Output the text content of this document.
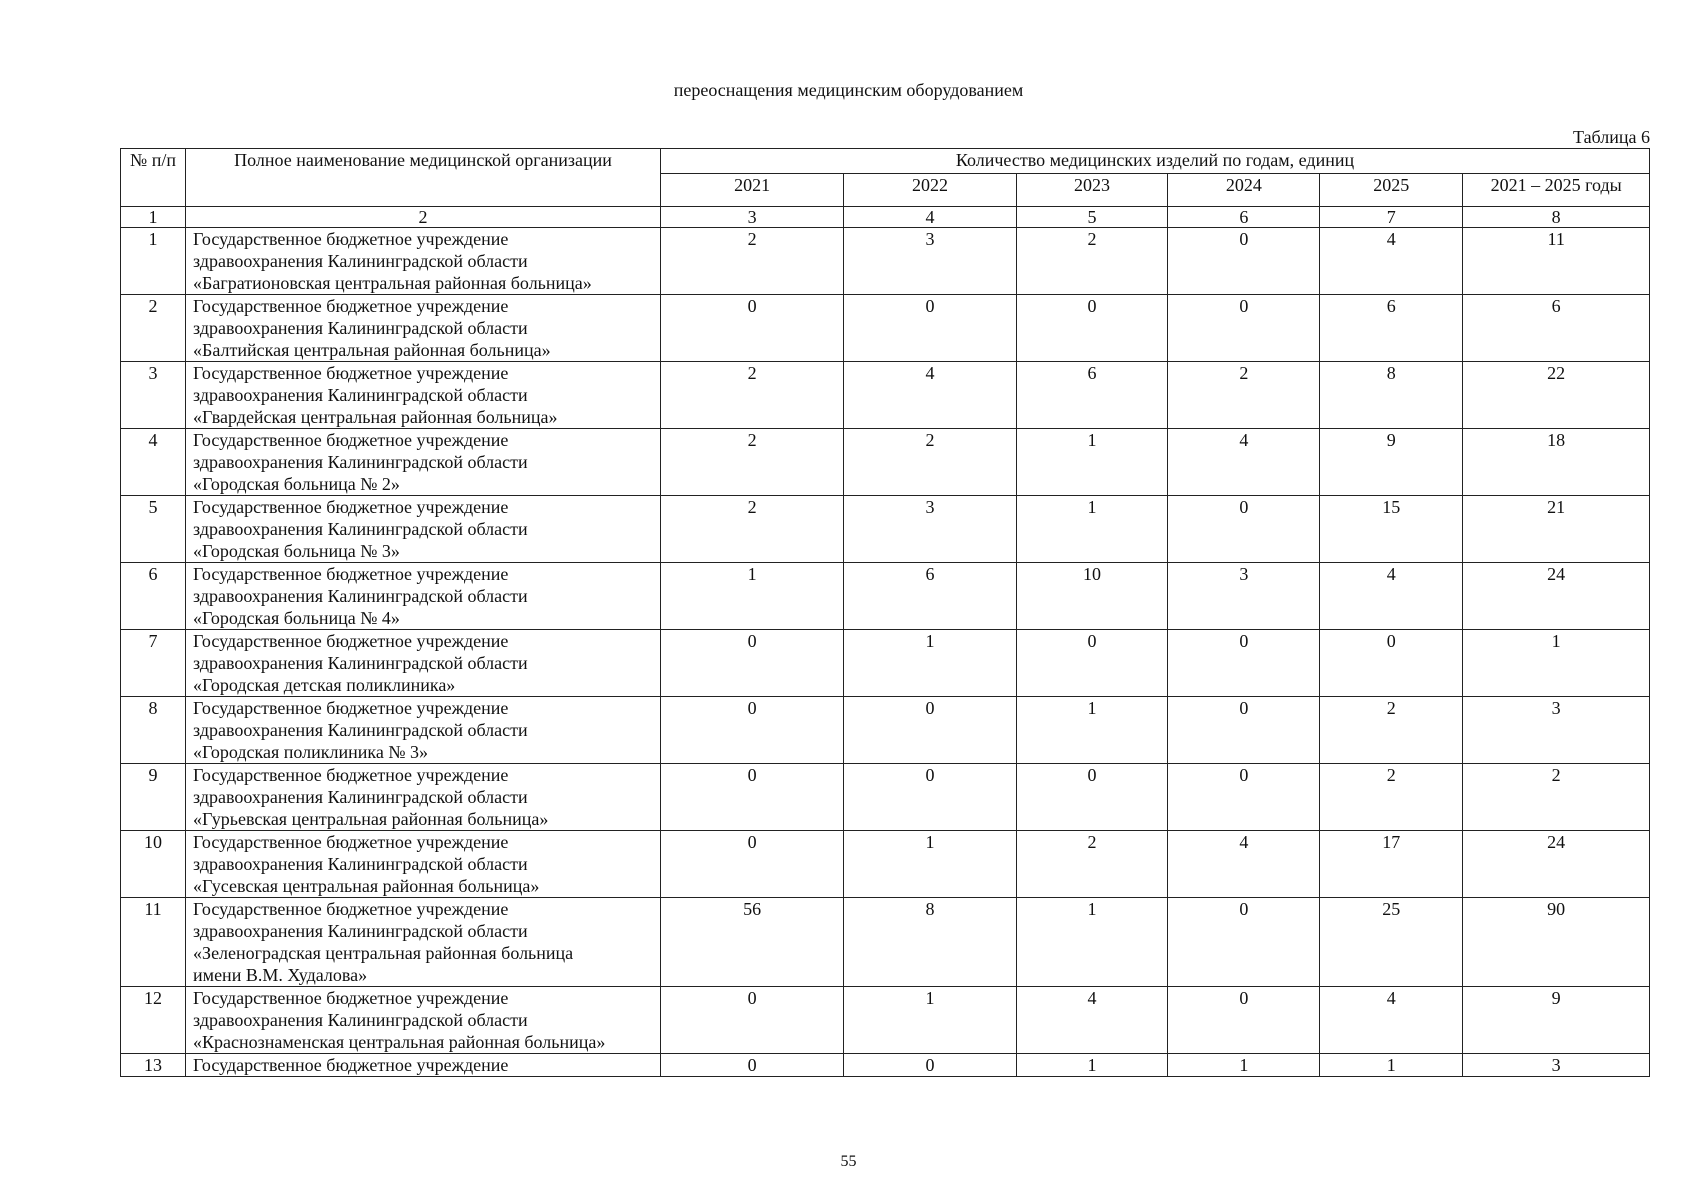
переоснащения медицинским оборудованием
Таблица 6
№ п/п	Полное наименование медицинской организации	Количество медицинских изделий по годам, единиц					
		2021	2022	2023	2024	2025	2021 – 2025 годы
1	2	3	4	5	6	7	8
1	Государственное бюджетное учреждение
здравоохранения Калининградской области
«Багратионовская центральная районная больница»	2	3	2	0	4	11
2	Государственное бюджетное учреждение
здравоохранения Калининградской области
«Балтийская центральная районная больница»	0	0	0	0	6	6
3	Государственное бюджетное учреждение
здравоохранения Калининградской области
«Гвардейская центральная районная больница»	2	4	6	2	8	22
4	Государственное бюджетное учреждение
здравоохранения Калининградской области
«Городская больница № 2»	2	2	1	4	9	18
5	Государственное бюджетное учреждение
здравоохранения Калининградской области
«Городская больница № 3»	2	3	1	0	15	21
6	Государственное бюджетное учреждение
здравоохранения Калининградской области
«Городская больница № 4»	1	6	10	3	4	24
7	Государственное бюджетное учреждение
здравоохранения Калининградской области
«Городская детская поликлиника»	0	1	0	0	0	1
8	Государственное бюджетное учреждение
здравоохранения Калининградской области
«Городская поликлиника № 3»	0	0	1	0	2	3
9	Государственное бюджетное учреждение
здравоохранения Калининградской области
«Гурьевская центральная районная больница»	0	0	0	0	2	2
10	Государственное бюджетное учреждение
здравоохранения Калининградской области
«Гусевская центральная районная больница»	0	1	2	4	17	24
11	Государственное бюджетное учреждение
здравоохранения Калининградской области
«Зеленоградская центральная районная больница
имени В.М. Худалова»	56	8	1	0	25	90
12	Государственное бюджетное учреждение
здравоохранения Калининградской области
«Краснознаменская центральная районная больница»	0	1	4	0	4	9
13	Государственное бюджетное учреждение	0	0	1	1	1	3
55
